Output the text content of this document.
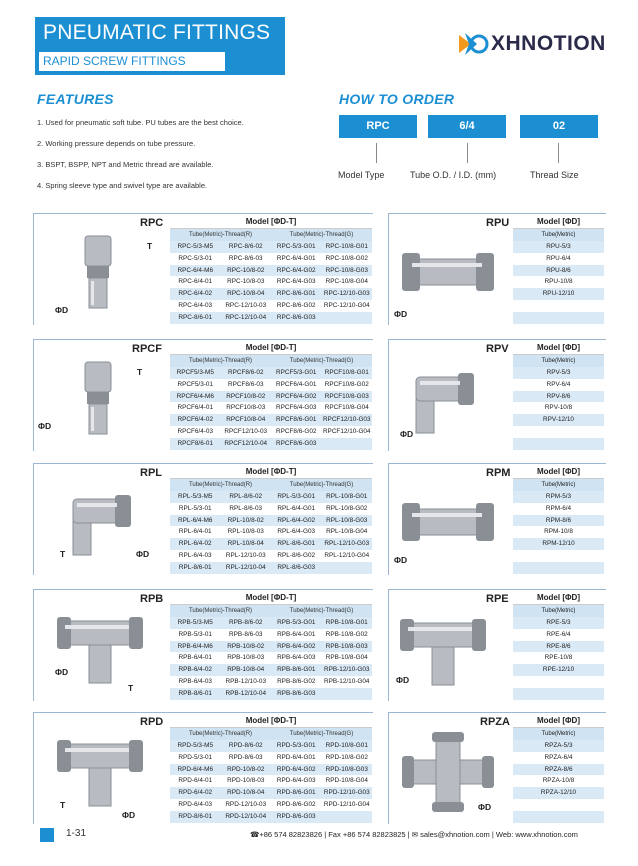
PNEUMATIC FITTINGS
RAPID SCREW FITTINGS
XHNOTION
FEATURES
1. Used for pneumatic soft tube. PU tubes are the best choice.
2. Working pressure depends on tube pressure.
3. BSPT, BSPP, NPT and Metric thread are available.
4. Spring sleeve type and swivel type are available.
HOW TO ORDER
RPC	6/4	02
Model Type	Tube O.D. / I.D. (mm)	Thread Size
RPC
ΦD
T
Model [ΦD-T]
Tube(Metric)-Thread(R)	Tube(Metric)-Thread(G)
RPC-5/3-M5	RPC-8/6-02	RPC-5/3-G01	RPC-10/8-G01
RPC-5/3-01	RPC-8/6-03	RPC-6/4-G01	RPC-10/8-G02
RPC-6/4-M6	RPC-10/8-02	RPC-6/4-G02	RPC-10/8-G03
RPC-6/4-01	RPC-10/8-03	RPC-6/4-G03	RPC-10/8-G04
RPC-6/4-02	RPC-10/8-04	RPC-8/6-G01	RPC-12/10-G03
RPC-6/4-03	RPC-12/10-03	RPC-8/6-G02	RPC-12/10-G04
RPC-8/6-01	RPC-12/10-04	RPC-8/6-G03
RPCF
ΦD
T
Model [ΦD-T]
Tube(Metric)-Thread(R)	Tube(Metric)-Thread(G)
RPCF5/3-M5	RPCF8/6-02	RPCF5/3-G01	RPCF10/8-G01
RPCF5/3-01	RPCF8/6-03	RPCF6/4-G01	RPCF10/8-G02
RPCF6/4-M6	RPCF10/8-02	RPCF6/4-G02	RPCF10/8-G03
RPCF6/4-01	RPCF10/8-03	RPCF6/4-G03	RPCF10/8-G04
RPCF6/4-02	RPCF10/8-04	RPCF8/6-G01	RPCF12/10-G03
RPCF6/4-03	RPCF12/10-03	RPCF8/6-G02	RPCF12/10-G04
RPCF8/6-01	RPCF12/10-04	RPCF8/6-G03
RPL
ΦD
T
Model [ΦD-T]
Tube(Metric)-Thread(R)	Tube(Metric)-Thread(G)
RPL-5/3-M5	RPL-8/6-02	RPL-5/3-G01	RPL-10/8-G01
RPL-5/3-01	RPL-8/6-03	RPL-6/4-G01	RPL-10/8-G02
RPL-6/4-M6	RPL-10/8-02	RPL-6/4-G02	RPL-10/8-G03
RPL-6/4-01	RPL-10/8-03	RPL-6/4-G03	RPL-10/8-G04
RPL-6/4-02	RPL-10/8-04	RPL-8/6-G01	RPL-12/10-G03
RPL-6/4-03	RPL-12/10-03	RPL-8/6-G02	RPL-12/10-G04
RPL-8/6-01	RPL-12/10-04	RPL-8/6-G03
RPB
ΦD
T
Model [ΦD-T]
Tube(Metric)-Thread(R)	Tube(Metric)-Thread(G)
RPB-5/3-M5	RPB-8/6-02	RPB-5/3-G01	RPB-10/8-G01
RPB-5/3-01	RPB-8/6-03	RPB-6/4-G01	RPB-10/8-G02
RPB-6/4-M6	RPB-10/8-02	RPB-6/4-G02	RPB-10/8-G03
RPB-6/4-01	RPB-10/8-03	RPB-6/4-G03	RPB-10/8-G04
RPB-6/4-02	RPB-10/8-04	RPB-8/6-G01	RPB-12/10-G03
RPB-6/4-03	RPB-12/10-03	RPB-8/6-G02	RPB-12/10-G04
RPB-8/6-01	RPB-12/10-04	RPB-8/6-G03
RPD
ΦD
T
Model [ΦD-T]
Tube(Metric)-Thread(R)	Tube(Metric)-Thread(G)
RPD-5/3-M5	RPD-8/6-02	RPD-5/3-G01	RPD-10/8-G01
RPD-5/3-01	RPD-8/6-03	RPD-6/4-G01	RPD-10/8-G02
RPD-6/4-M6	RPD-10/8-02	RPD-6/4-G02	RPD-10/8-G03
RPD-6/4-01	RPD-10/8-03	RPD-6/4-G03	RPD-10/8-G04
RPD-6/4-02	RPD-10/8-04	RPD-8/6-G01	RPD-12/10-G03
RPD-6/4-03	RPD-12/10-03	RPD-8/6-G02	RPD-12/10-G04
RPD-8/6-01	RPD-12/10-04	RPD-8/6-G03
RPU
ΦD
Model [ΦD]
Tube(Metric)
RPU-5/3
RPU-6/4
RPU-8/6
RPU-10/8
RPU-12/10
RPV
ΦD
Model [ΦD]
Tube(Metric)
RPV-5/3
RPV-6/4
RPV-8/6
RPV-10/8
RPV-12/10
RPM
ΦD
Model [ΦD]
Tube(Metric)
RPM-5/3
RPM-6/4
RPM-8/6
RPM-10/8
RPM-12/10
RPE
ΦD
Model [ΦD]
Tube(Metric)
RPE-5/3
RPE-6/4
RPE-8/6
RPE-10/8
RPE-12/10
RPZA
ΦD
Model [ΦD]
Tube(Metric)
RPZA-5/3
RPZA-6/4
RPZA-8/6
RPZA-10/8
RPZA-12/10
1-31	☎+86 574 82823826 | Fax +86 574 82823825 | ✉ sales@xhnotion.com | Web: www.xhnotion.com
